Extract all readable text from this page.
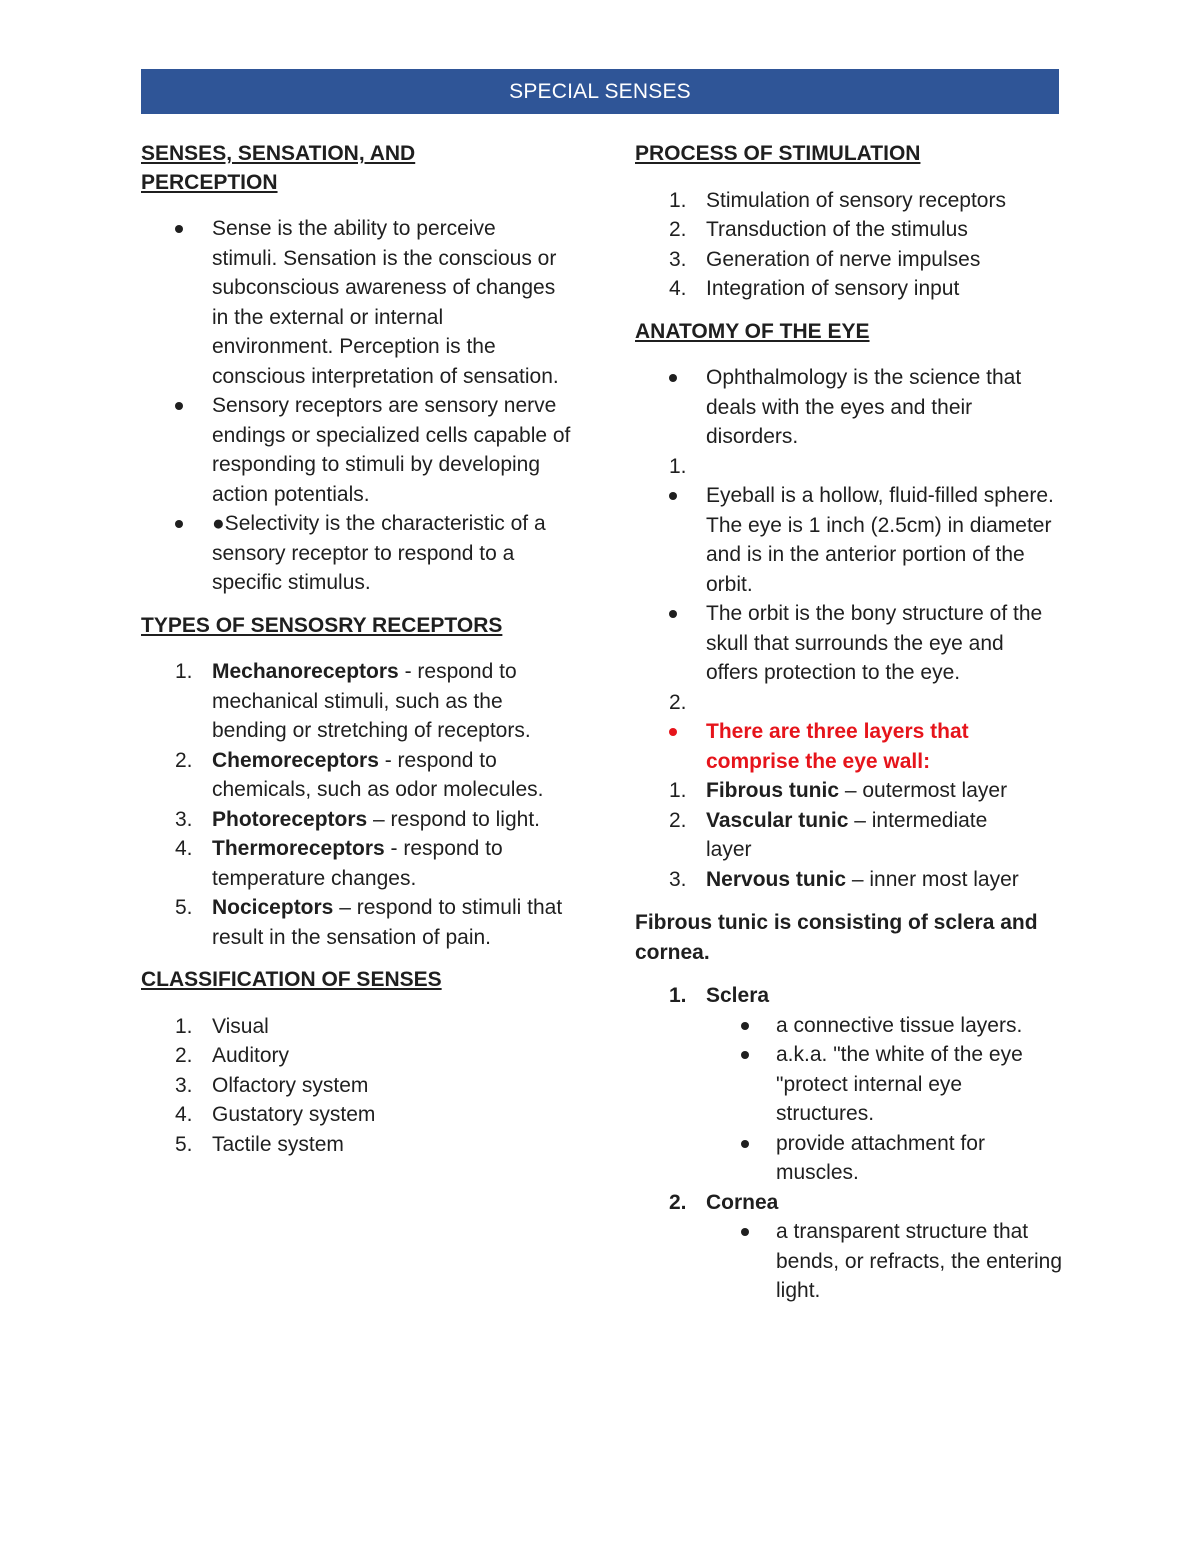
SPECIAL SENSES

SENSES, SENSATION, AND PERCEPTION

Sense is the ability to perceive stimuli. Sensation is the conscious or subconscious awareness of changes in the external or internal environment. Perception is the conscious interpretation of sensation.
Sensory receptors are sensory nerve endings or specialized cells capable of responding to stimuli by developing action potentials.
●Selectivity is the characteristic of a sensory receptor to respond to a specific stimulus.

TYPES OF SENSOSRY RECEPTORS

1. Mechanoreceptors - respond to mechanical stimuli, such as the bending or stretching of receptors.
2. Chemoreceptors - respond to chemicals, such as odor molecules.
3. Photoreceptors – respond to light.
4. Thermoreceptors - respond to temperature changes.
5. Nociceptors – respond to stimuli that result in the sensation of pain.

CLASSIFICATION OF SENSES

1. Visual
2. Auditory
3. Olfactory system
4. Gustatory system
5. Tactile system

PROCESS OF STIMULATION

1. Stimulation of sensory receptors
2. Transduction of the stimulus
3. Generation of nerve impulses
4. Integration of sensory input

ANATOMY OF THE EYE

Ophthalmology is the science that deals with the eyes and their disorders.
1.

Eyeball is a hollow, fluid-filled sphere. The eye is 1 inch (2.5cm) in diameter and is in the anterior portion of the orbit.
The orbit is the bony structure of the skull that surrounds the eye and offers protection to the eye.
2.

There are three layers that comprise the eye wall:
1. Fibrous tunic – outermost layer
2. Vascular tunic – intermediate layer
3. Nervous tunic – inner most layer

Fibrous tunic is consisting of sclera and cornea.

1. Sclera
a connective tissue layers.
a.k.a. "the white of the eye "protect internal eye structures.
provide attachment for muscles.
2. Cornea
a transparent structure that bends, or refracts, the entering light.
